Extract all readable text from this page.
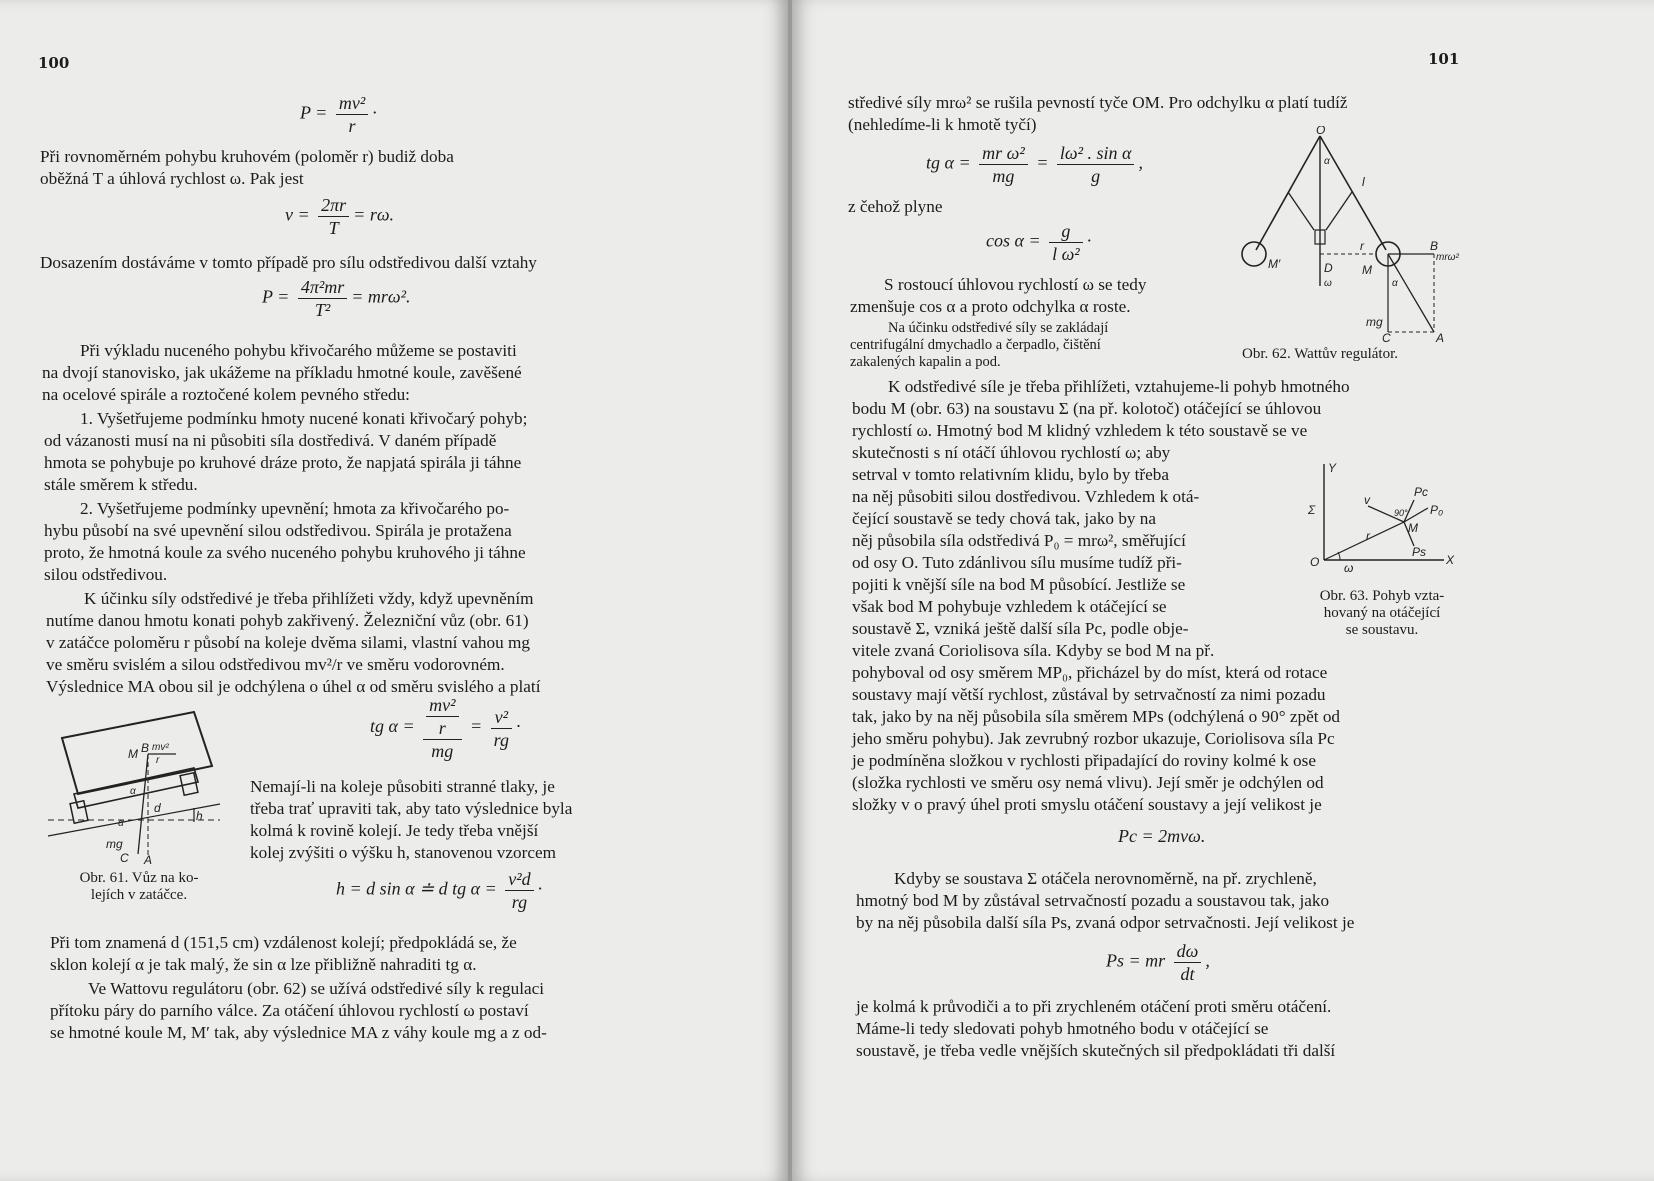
100
$P = \frac{\text{mv²}}{r}$ ·
Při rovnoměrném pohybu kruhovém (poloměr r) budiž doba
oběžná T a úhlová rychlost ω. Pak jest
$v = \frac{2\pi r}{T} = r\omega$.
Dosazením dostáváme v tomto případě pro sílu odstředivou další vztahy
$P = \frac{\text{4π²mr}}{\text{T²}} = mr\omega^2$.
Při výkladu nuceného pohybu křivočarého můžeme se postaviti
na dvojí stanovisko, jak ukážeme na příkladu hmotné koule, zavěšené
na ocelové spirále a roztočené kolem pevného středu:
1. Vyšetřujeme podmínku hmoty nucené konati křivočarý pohyb;
od vázanosti musí na ni působiti síla dostředivá. V daném případě
hmota se pohybuje po kruhové dráze proto, že napjatá spirála ji táhne
stále směrem k středu.
2. Vyšetřujeme podmínky upevnění; hmota za křivočarého po-
hybu působí na své upevnění silou odstředivou. Spirála je protažena
proto, že hmotná koule za svého nuceného pohybu kruhového ji táhne
silou odstředivou.
K účinku síly odstředivé je třeba přihlížeti vždy, když upevněním
nutíme danou hmotu konati pohyb zakřivený. Železniční vůz (obr. 61)
v zatáčce poloměru r působí na koleje dvěma silami, vlastní vahou mg
ve směru svislém a silou odstředivou mv²/r ve směru vodorovném.
Výslednice MA obou sil je odchýlena o úhel α od směru svislého a platí
M B mv²
r
α
d
h
mg
C A
α
tg $\alpha = \frac{\frac{\text{mv²}}{r}}{mg} = \frac{\text{v²}}{rg}$ ·
Nemají-li na koleje působiti stranné tlaky, je
třeba trať upraviti tak, aby tato výslednice byla
kolmá k rovině kolejí. Je tedy třeba vnější
kolej zvýšiti o výšku h, stanovenou vzorcem
Obr. 61. Vůz na ko-
lejích v zatáčce.	h = d sin α ≐ d tg $\alpha = \frac{\text{v²d}}{rg}$ ·
Při tom znamená d (151,5 cm) vzdálenost kolejí; předpokládá se, že
sklon kolejí α je tak malý, že sin α lze přibližně nahraditi tg α.
Ve Wattovu regulátoru (obr. 62) se užívá odstředivé síly k regulaci
přítoku páry do parního válce. Za otáčení úhlovou rychlostí ω postaví
se hmotné koule M, M′ tak, aby výslednice MA z váhy koule mg a z od-
101
středivé síly mrω² se rušila pevností tyče OM. Pro odchylku α platí tudíž
(nehledíme-li k hmotě tyčí)
tg $\alpha = \frac{\text{mr ω²}}{mg} = \frac{\text{lω² . sin α}}{g}$ ,
z čehož plyne
$\cos \alpha = \frac{g}{\text{l ω²}}$ ·
S rostoucí úhlovou rychlostí ω se tedy
zmenšuje cos α a proto odchylka α roste.
Na účinku odstředivé síly se zakládají
centrifugální dmychadlo a čerpadlo, čištění
zakalených kapalin a pod.
O
α
l
M′	D
r
M
B
mrω²
ω	α
mg
C	A
Obr. 62. Wattův regulátor.
K odstředivé síle je třeba přihlížeti, vztahujeme-li pohyb hmotného
bodu M (obr. 63) na soustavu Σ (na př. kolotoč) otáčející se úhlovou
rychlostí ω. Hmotný bod M klidný vzhledem k této soustavě se ve
skutečnosti s ní otáčí úhlovou rychlostí ω; aby
setrval v tomto relativním klidu, bylo by třeba
na něj působiti silou dostředivou. Vzhledem k otá-
čející soustavě se tedy chová tak, jako by na
něj působila síla odstředivá P₀ = mrω², směřující
od osy O. Tuto zdánlivou sílu musíme tudíž při-
pojiti k vnější síle na bod M působící. Jestliže se
však bod M pohybuje vzhledem k otáčející se
soustavě Σ, vzniká ještě další síla Pc, podle obje-
vitele zvaná Coriolisova síla. Kdyby se bod M na př.
pohyboval od osy směrem MP₀, přicházel by do míst, která od rotace
soustavy mají větší rychlost, zůstával by setrvačností za nimi pozadu
tak, jako by na něj působila síla směrem MPs (odchýlená o 90° zpět od
jeho směru pohybu). Jak zevrubný rozbor ukazuje, Coriolisova síla Pc
je podmíněna složkou v rychlosti připadající do roviny kolmé k ose
(složka rychlosti ve směru osy nemá vlivu). Její směr je odchýlen od
složky v o pravý úhel proti smyslu otáčení soustavy a její velikost je
Y
Σ
v
Pc
90° P₀
r
M
Ps
O ω
X
Obr. 63. Pohyb vzta-
hovaný na otáčející
se soustavu.
Pc = 2mvω.
Kdyby se soustava Σ otáčela nerovnoměrně, na př. zrychleně,
hmotný bod M by zůstával setrvačností pozadu a soustavou tak, jako
by na něj působila další síla Ps, zvaná odpor setrvačnosti. Její velikost je
Ps = mr $\frac{d\omega}{dt}$ ,
je kolmá k průvodiči a to při zrychleném otáčení proti směru otáčení.
Máme-li tedy sledovati pohyb hmotného bodu v otáčející se
soustavě, je třeba vedle vnějších skutečných sil předpokládati tři další
